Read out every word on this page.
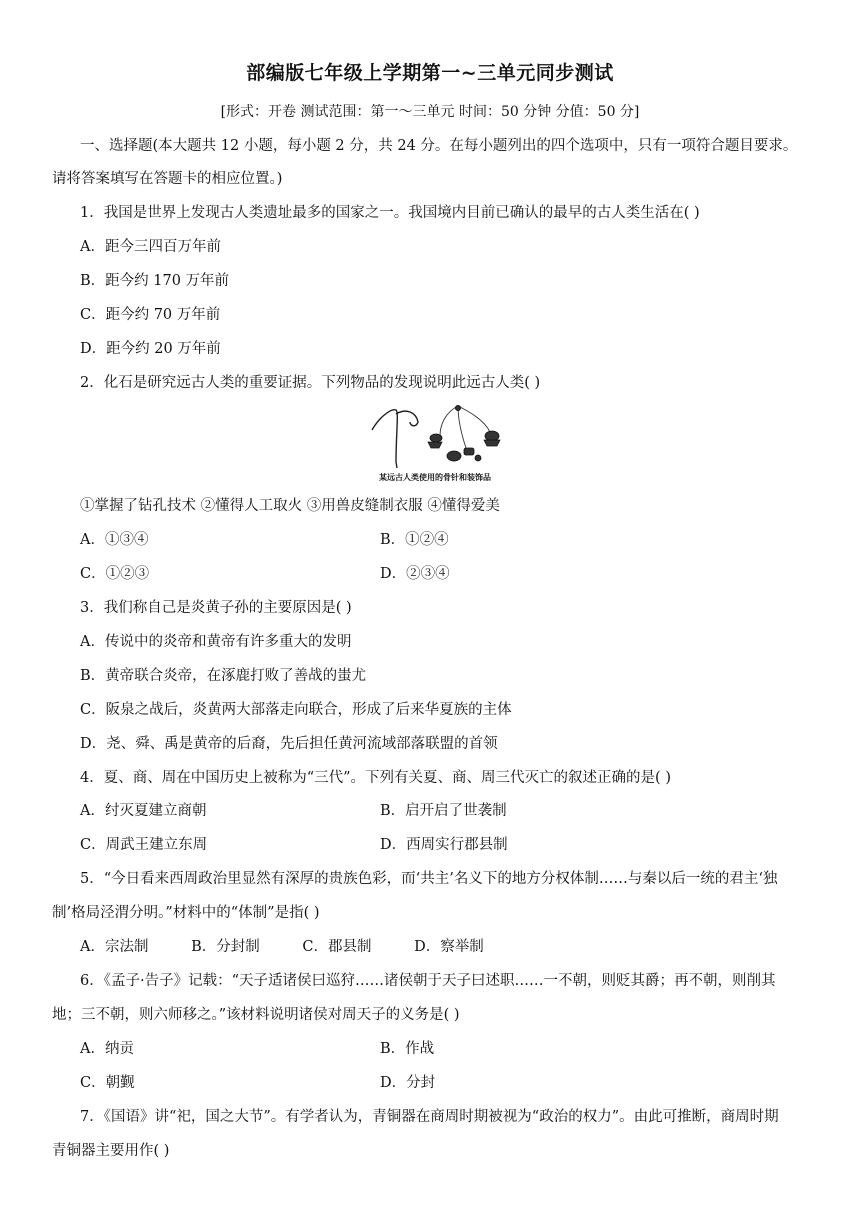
部编版七年级上学期第一~三单元同步测试
[形式：开卷 测试范围：第一～三单元 时间：50 分钟 分值：50 分]
一、选择题(本大题共 12 小题，每小题 2 分，共 24 分。在每小题列出的四个选项中，只有一项符合题目要求。
请将答案填写在答题卡的相应位置。)
1．我国是世界上发现古人类遗址最多的国家之一。我国境内目前已确认的最早的古人类生活在( )
A．距今三四百万年前
B．距今约 170 万年前
C．距今约 70 万年前
D．距今约 20 万年前
2．化石是研究远古人类的重要证据。下列物品的发现说明此远古人类( )
某远古人类使用的骨针和装饰品
①掌握了钻孔技术 ②懂得人工取火 ③用兽皮缝制衣服 ④懂得爱美
A．①③④	B．①②④
C．①②③	D．②③④
3．我们称自己是炎黄子孙的主要原因是( )
A．传说中的炎帝和黄帝有许多重大的发明
B．黄帝联合炎帝，在涿鹿打败了善战的蚩尤
C．阪泉之战后，炎黄两大部落走向联合，形成了后来华夏族的主体
D．尧、舜、禹是黄帝的后裔，先后担任黄河流域部落联盟的首领
4．夏、商、周在中国历史上被称为“三代”。下列有关夏、商、周三代灭亡的叙述正确的是( )
A．纣灭夏建立商朝	B．启开启了世袭制
C．周武王建立东周	D．西周实行郡县制
5．“今日看来西周政治里显然有深厚的贵族色彩，而‘共主’名义下的地方分权体制……与秦以后一统的君主‘独
制’格局泾渭分明。”材料中的“体制”是指( )
A．宗法制	B．分封制	C．郡县制	D．察举制
6．《孟子·告子》记载：“天子适诸侯曰巡狩……诸侯朝于天子曰述职……一不朝，则贬其爵；再不朝，则削其
地；三不朝，则六师移之。”该材料说明诸侯对周天子的义务是( )
A．纳贡	B．作战
C．朝觐	D．分封
7．《国语》讲“祀，国之大节”。有学者认为，青铜器在商周时期被视为“政治的权力”。由此可推断，商周时期
青铜器主要用作( )
